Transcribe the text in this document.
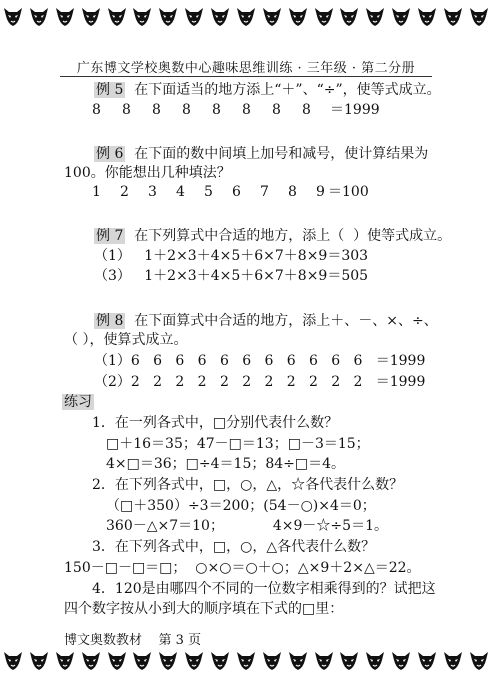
广东博文学校奥数中心趣味思维训练 · 三年级 · 第二分册
例 5  在下面适当的地方添上“＋”、“÷”，使等式成立。
8 8 8 8 8 8 8 8 ＝1999
例 6  在下面的数中间填上加号和减号，使计算结果为
100。你能想出几种填法？
1 2 3 4 5 6 7 8 9 ＝100
例 7  在下列算式中合适的地方，添上（  ）使等式成立。
（1）   1＋2×3＋4×5＋6×7＋8×9＝303
（3）   1＋2×3＋4×5＋6×7＋8×9＝505
例 8  在下面算式中合适的地方，添上＋、－、×、÷、
（ ），使算式成立。
（1）6   6   6   6   6   6   6   6   6   6   6   ＝1999
（2）2   2   2   2   2   2   2   2   2   2   2   ＝1999
练习
1．在一列各式中，□分别代表什么数？
□＋16＝35；47－□＝13；□－3＝15；
4×□＝36；□÷4＝15；84÷□＝4。
2．在下列各式中，□，○，△，☆各代表什么数？
（□＋350）÷3＝200；(54－○)×4＝0；
360－△×7＝10；           4×9－☆÷5＝1。
3．在下列各式中，□，○，△各代表什么数？
150－□－□＝□；  ○×○＝○＋○；△×9＋2×△＝22。
4．120是由哪四个不同的一位数字相乘得到的？试把这
四个数字按从小到大的顺序填在下式的□里：
博文奥数教材    第 3 页
